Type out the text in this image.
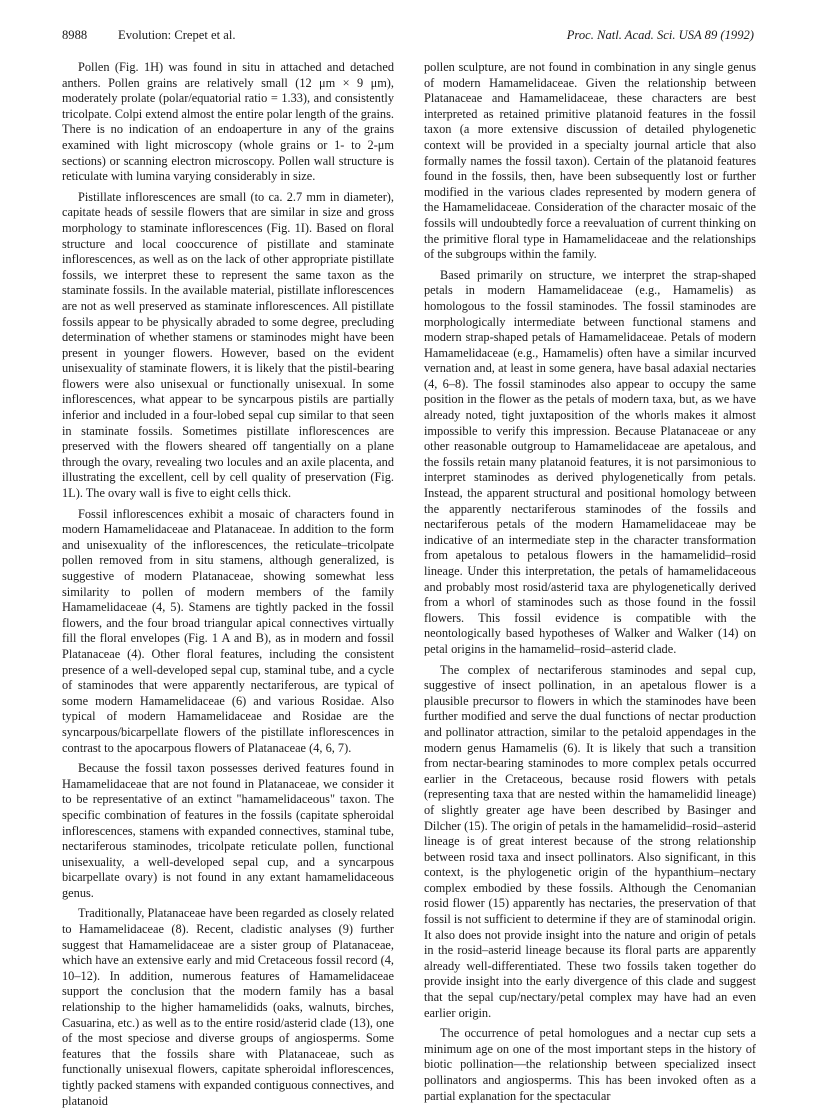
8988 Evolution: Crepet et al.	Proc. Natl. Acad. Sci. USA 89 (1992)

Pollen (Fig. 1H) was found in situ in attached and detached anthers. Pollen grains are relatively small (12 μm × 9 μm), moderately prolate (polar/equatorial ratio = 1.33), and consistently tricolpate. Colpi extend almost the entire polar length of the grains. There is no indication of an endoaperture in any of the grains examined with light microscopy (whole grains or 1- to 2-μm sections) or scanning electron microscopy. Pollen wall structure is reticulate with lumina varying considerably in size.

Pistillate inflorescences are small (to ca. 2.7 mm in diameter), capitate heads of sessile flowers that are similar in size and gross morphology to staminate inflorescences (Fig. 1I). Based on floral structure and local cooccurence of pistillate and staminate inflorescences, as well as on the lack of other appropriate pistillate fossils, we interpret these to represent the same taxon as the staminate fossils. In the available material, pistillate inflorescences are not as well preserved as staminate inflorescences. All pistillate fossils appear to be physically abraded to some degree, precluding determination of whether stamens or staminodes might have been present in younger flowers. However, based on the evident unisexuality of staminate flowers, it is likely that the pistil-bearing flowers were also unisexual or functionally unisexual. In some inflorescences, what appear to be syncarpous pistils are partially inferior and included in a four-lobed sepal cup similar to that seen in staminate fossils. Sometimes pistillate inflorescences are preserved with the flowers sheared off tangentially on a plane through the ovary, revealing two locules and an axile placenta, and illustrating the excellent, cell by cell quality of preservation (Fig. 1L). The ovary wall is five to eight cells thick.

Fossil inflorescences exhibit a mosaic of characters found in modern Hamamelidaceae and Platanaceae. In addition to the form and unisexuality of the inflorescences, the reticulate–tricolpate pollen removed from in situ stamens, although generalized, is suggestive of modern Platanaceae, showing somewhat less similarity to pollen of modern members of the family Hamamelidaceae (4, 5). Stamens are tightly packed in the fossil flowers, and the four broad triangular apical connectives virtually fill the floral envelopes (Fig. 1 A and B), as in modern and fossil Platanaceae (4). Other floral features, including the consistent presence of a well-developed sepal cup, staminal tube, and a cycle of staminodes that were apparently nectariferous, are typical of some modern Hamamelidaceae (6) and various Rosidae. Also typical of modern Hamamelidaceae and Rosidae are the syncarpous/bicarpellate flowers of the pistillate inflorescences in contrast to the apocarpous flowers of Platanaceae (4, 6, 7).

Because the fossil taxon possesses derived features found in Hamamelidaceae that are not found in Platanaceae, we consider it to be representative of an extinct "hamamelidaceous" taxon. The specific combination of features in the fossils (capitate spheroidal inflorescences, stamens with expanded connectives, staminal tube, nectariferous staminodes, tricolpate reticulate pollen, functional unisexuality, a well-developed sepal cup, and a syncarpous bicarpellate ovary) is not found in any extant hamamelidaceous genus.

Traditionally, Platanaceae have been regarded as closely related to Hamamelidaceae (8). Recent, cladistic analyses (9) further suggest that Hamamelidaceae are a sister group of Platanaceae, which have an extensive early and mid Cretaceous fossil record (4, 10–12). In addition, numerous features of Hamamelidaceae support the conclusion that the modern family has a basal relationship to the higher hamamelidids (oaks, walnuts, birches, Casuarina, etc.) as well as to the entire rosid/asterid clade (13), one of the most speciose and diverse groups of angiosperms. Some features that the fossils share with Platanaceae, such as functionally unisexual flowers, capitate spheroidal inflorescences, tightly packed stamens with expanded contiguous connectives, and platanoid

pollen sculpture, are not found in combination in any single genus of modern Hamamelidaceae. Given the relationship between Platanaceae and Hamamelidaceae, these characters are best interpreted as retained primitive platanoid features in the fossil taxon (a more extensive discussion of detailed phylogenetic context will be provided in a specialty journal article that also formally names the fossil taxon). Certain of the platanoid features found in the fossils, then, have been subsequently lost or further modified in the various clades represented by modern genera of the Hamamelidaceae. Consideration of the character mosaic of the fossils will undoubtedly force a reevaluation of current thinking on the primitive floral type in Hamamelidaceae and the relationships of the subgroups within the family.

Based primarily on structure, we interpret the strap-shaped petals in modern Hamamelidaceae (e.g., Hamamelis) as homologous to the fossil staminodes. The fossil staminodes are morphologically intermediate between functional stamens and modern strap-shaped petals of Hamamelidaceae. Petals of modern Hamamelidaceae (e.g., Hamamelis) often have a similar incurved vernation and, at least in some genera, have basal adaxial nectaries (4, 6–8). The fossil staminodes also appear to occupy the same position in the flower as the petals of modern taxa, but, as we have already noted, tight juxtaposition of the whorls makes it almost impossible to verify this impression. Because Platanaceae or any other reasonable outgroup to Hamamelidaceae are apetalous, and the fossils retain many platanoid features, it is not parsimonious to interpret staminodes as derived phylogenetically from petals. Instead, the apparent structural and positional homology between the apparently nectariferous staminodes of the fossils and nectariferous petals of the modern Hamamelidaceae may be indicative of an intermediate step in the character transformation from apetalous to petalous flowers in the hamamelidid–rosid lineage. Under this interpretation, the petals of hamamelidaceous and probably most rosid/asterid taxa are phylogenetically derived from a whorl of staminodes such as those found in the fossil flowers. This fossil evidence is compatible with the neontologically based hypotheses of Walker and Walker (14) on petal origins in the hamamelid–rosid–asterid clade.

The complex of nectariferous staminodes and sepal cup, suggestive of insect pollination, in an apetalous flower is a plausible precursor to flowers in which the staminodes have been further modified and serve the dual functions of nectar production and pollinator attraction, similar to the petaloid appendages in the modern genus Hamamelis (6). It is likely that such a transition from nectar-bearing staminodes to more complex petals occurred earlier in the Cretaceous, because rosid flowers with petals (representing taxa that are nested within the hamamelidid lineage) of slightly greater age have been described by Basinger and Dilcher (15). The origin of petals in the hamamelidid–rosid–asterid lineage is of great interest because of the strong relationship between rosid taxa and insect pollinators. Also significant, in this context, is the phylogenetic origin of the hypanthium–nectary complex embodied by these fossils. Although the Cenomanian rosid flower (15) apparently has nectaries, the preservation of that fossil is not sufficient to determine if they are of staminodal origin. It also does not provide insight into the nature and origin of petals in the rosid–asterid lineage because its floral parts are apparently already well-differentiated. These two fossils taken together do provide insight into the early divergence of this clade and suggest that the sepal cup/nectary/petal complex may have had an even earlier origin.

The occurrence of petal homologues and a nectar cup sets a minimum age on one of the most important steps in the history of biotic pollination—the relationship between specialized insect pollinators and angiosperms. This has been invoked often as a partial explanation for the spectacular
